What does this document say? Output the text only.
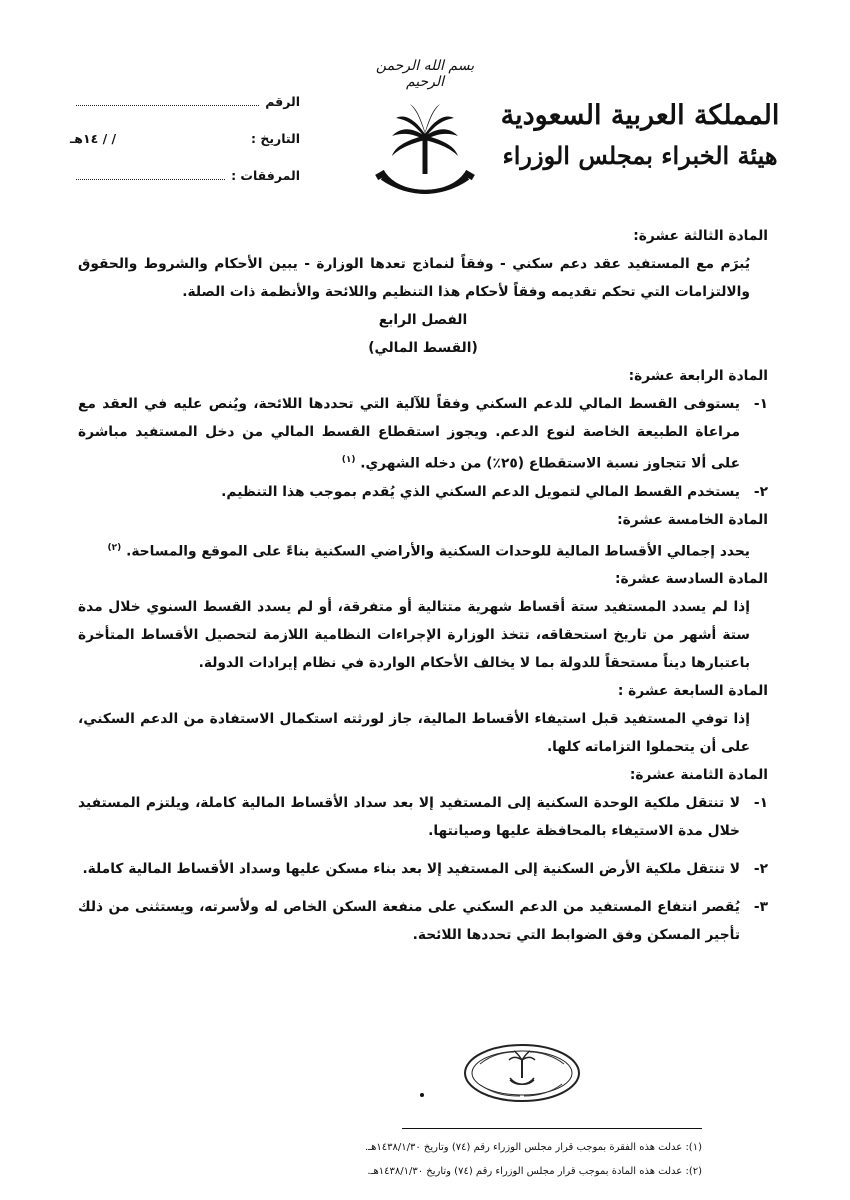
بسم الله الرحمن الرحيم
المملكة العربية السعودية
هيئة الخبراء بمجلس الوزراء
الرقم
التاريخ :
/ / ١٤هـ
المرفقات :

المادة الثالثة عشرة:

يُبرَم مع المستفيد عقد دعم سكني - وفقاً لنماذج تعدها الوزارة - يبين الأحكام والشروط والحقوق والالتزامات التي تحكم تقديمه وفقاً لأحكام هذا التنظيم واللائحة والأنظمة ذات الصلة.

الفصل الرابع

(القسط المالي)

المادة الرابعة عشرة:

١-
يستوفى القسط المالي للدعم السكني وفقاً للآلية التي تحددها اللائحة، ويُنص عليه في العقد مع مراعاة الطبيعة الخاصة لنوع الدعم. ويجوز استقطاع القسط المالي من دخل المستفيد مباشرة على ألا تتجاوز نسبة الاستقطاع (٢٥٪) من دخله الشهري. $^{(١)}$
٢-
يستخدم القسط المالي لتمويل الدعم السكني الذي يُقدم بموجب هذا التنظيم.

المادة الخامسة عشرة:

يحدد إجمالي الأقساط المالية للوحدات السكنية والأراضي السكنية بناءً على الموقع والمساحة. $^{(٢)}$

المادة السادسة عشرة:

إذا لم يسدد المستفيد ستة أقساط شهرية متتالية أو متفرقة، أو لم يسدد القسط السنوي خلال مدة ستة أشهر من تاريخ استحقاقه، تتخذ الوزارة الإجراءات النظامية اللازمة لتحصيل الأقساط المتأخرة باعتبارها ديناً مستحقاً للدولة بما لا يخالف الأحكام الواردة في نظام إيرادات الدولة.

المادة السابعة عشرة :

إذا توفي المستفيد قبل استيفاء الأقساط المالية، جاز لورثته استكمال الاستفادة من الدعم السكني، على أن يتحملوا التزاماته كلها.

المادة الثامنة عشرة:

١-
لا تنتقل ملكية الوحدة السكنية إلى المستفيد إلا بعد سداد الأقساط المالية كاملة، ويلتزم المستفيد خلال مدة الاستيفاء بالمحافظة عليها وصيانتها.
٢-
لا تنتقل ملكية الأرض السكنية إلى المستفيد إلا بعد بناء مسكن عليها وسداد الأقساط المالية كاملة.
٣-
يُقصر انتفاع المستفيد من الدعم السكني على منفعة السكن الخاص له ولأسرته، ويستثنى من ذلك تأجير المسكن وفق الضوابط التي تحددها اللائحة.

(١): عدلت هذه الفقرة بموجب قرار مجلس الوزراء رقم (٧٤) وتاريخ ١٤٣٨/١/٣٠هـ.

(٢): عدلت هذه المادة بموجب قرار مجلس الوزراء رقم (٧٤) وتاريخ ١٤٣٨/١/٣٠هـ.
